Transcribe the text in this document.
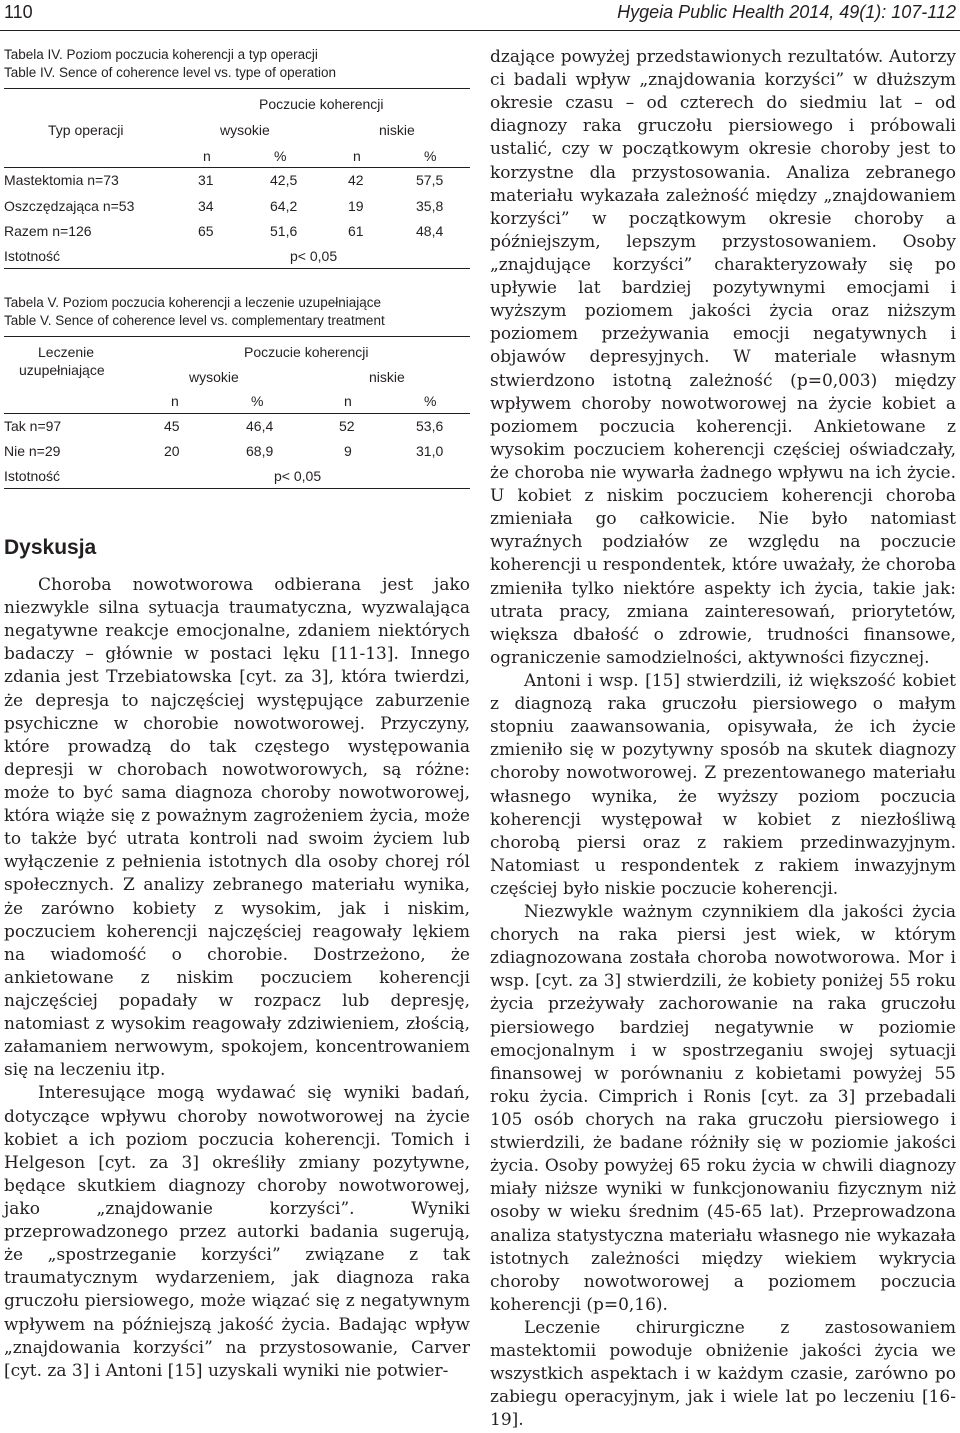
110	Hygeia Public Health 2014, 49(1): 107-112
Tabela IV. Poziom poczucia koherencji a typ operacji
Table IV. Sence of coherence level vs. type of operation
Poczucie koherencji
Typ operacji	wysokie	niskie
n	%	n	%
Mastektomia n=73	31	42,5	42	57,5
Oszczędzająca n=53	34	64,2	19	35,8
Razem n=126	65	51,6	61	48,4
Istotność	p< 0,05
Tabela V. Poziom poczucia koherencji a leczenie uzupełniające
Table V. Sence of coherence level vs. complementary treatment
Leczenie
uzupełniające
Poczucie koherencji
wysokie	niskie
n	%	n	%
Tak n=97	45	46,4	52	53,6
Nie n=29	20	68,9	9	31,0
Istotność	p< 0,05
Dyskusja

Choroba nowotworowa odbierana jest jako niezwykle silna sytuacja traumatyczna, wyzwalająca negatywne reakcje emocjonalne, zdaniem niektórych badaczy – głównie w postaci lęku [11-13]. Innego zdania jest Trzebiatowska [cyt. za 3], która twierdzi, że depresja to najczęściej występujące zaburzenie psychiczne w chorobie nowotworowej. Przyczyny, które prowadzą do tak częstego występowania depresji w chorobach nowotworowych, są różne: może to być sama diagnoza choroby nowotworowej, która wiąże się z poważnym zagrożeniem życia, może to także być utrata kontroli nad swoim życiem lub wyłączenie z pełnienia istotnych dla osoby chorej ról społecznych. Z analizy zebranego materiału wynika, że zarówno kobiety z wysokim, jak i niskim, poczuciem koherencji najczęściej reagowały lękiem na wiadomość o chorobie. Dostrzeżono, że ankietowane z niskim poczuciem koherencji najczęściej popadały w rozpacz lub depresję, natomiast z wysokim reagowały zdziwieniem, złością, załamaniem nerwowym, spokojem, koncentrowaniem się na leczeniu itp.

Interesujące mogą wydawać się wyniki badań, dotyczące wpływu choroby nowotworowej na życie kobiet a ich poziom poczucia koherencji. Tomich i Helgeson [cyt. za 3] określiły zmiany pozytywne, będące skutkiem diagnozy choroby nowotworowej, jako „znajdowanie korzyści”. Wyniki przeprowadzonego przez autorki badania sugerują, że „spostrzeganie korzyści” związane z tak traumatycznym wydarzeniem, jak diagnoza raka gruczołu piersiowego, może wiązać się z negatywnym wpływem na późniejszą jakość życia. Badając wpływ „znajdowania korzyści” na przystosowanie, Carver [cyt. za 3] i Antoni [15] uzyskali wyniki nie potwier-

dzające powyżej przedstawionych rezultatów. Autorzy ci badali wpływ „znajdowania korzyści” w dłuższym okresie czasu – od czterech do siedmiu lat – od diagnozy raka gruczołu piersiowego i próbowali ustalić, czy w początkowym okresie choroby jest to korzystne dla przystosowania. Analiza zebranego materiału wykazała zależność między „znajdowaniem korzyści” w początkowym okresie choroby a późniejszym, lepszym przystosowaniem. Osoby „znajdujące korzyści” charakteryzowały się po upływie lat bardziej pozytywnymi emocjami i wyższym poziomem jakości życia oraz niższym poziomem przeżywania emocji negatywnych i objawów depresyjnych. W materiale własnym stwierdzono istotną zależność (p=0,003) między wpływem choroby nowotworowej na życie kobiet a poziomem poczucia koherencji. Ankietowane z wysokim poczuciem koherencji częściej oświadczały, że choroba nie wywarła żadnego wpływu na ich życie. U kobiet z niskim poczuciem koherencji choroba zmieniała go całkowicie. Nie było natomiast wyraźnych podziałów ze względu na poczucie koherencji u respondentek, które uważały, że choroba zmieniła tylko niektóre aspekty ich życia, takie jak: utrata pracy, zmiana zainteresowań, priorytetów, większa dbałość o zdrowie, trudności finansowe, ograniczenie samodzielności, aktywności fizycznej.

Antoni i wsp. [15] stwierdzili, iż większość kobiet z diagnozą raka gruczołu piersiowego o małym stopniu zaawansowania, opisywała, że ich życie zmieniło się w pozytywny sposób na skutek diagnozy choroby nowotworowej. Z prezentowanego materiału własnego wynika, że wyższy poziom poczucia koherencji występował w kobiet z niezłośliwą chorobą piersi oraz z rakiem przedinwazyjnym. Natomiast u respondentek z rakiem inwazyjnym częściej było niskie poczucie koherencji.

Niezwykle ważnym czynnikiem dla jakości życia chorych na raka piersi jest wiek, w którym zdiagnozowana została choroba nowotworowa. Mor i wsp. [cyt. za 3] stwierdzili, że kobiety poniżej 55 roku życia przeżywały zachorowanie na raka gruczołu piersiowego bardziej negatywnie w poziomie emocjonalnym i w spostrzeganiu swojej sytuacji finansowej w porównaniu z kobietami powyżej 55 roku życia. Cimprich i Ronis [cyt. za 3] przebadali 105 osób chorych na raka gruczołu piersiowego i stwierdzili, że badane różniły się w poziomie jakości życia. Osoby powyżej 65 roku życia w chwili diagnozy miały niższe wyniki w funkcjonowaniu fizycznym niż osoby w wieku średnim (45-65 lat). Przeprowadzona analiza statystyczna materiału własnego nie wykazała istotnych zależności między wiekiem wykrycia choroby nowotworowej a poziomem poczucia koherencji (p=0,16).

Leczenie chirurgiczne z zastosowaniem mastektomii powoduje obniżenie jakości życia we wszystkich aspektach i w każdym czasie, zarówno po zabiegu operacyjnym, jak i wiele lat po leczeniu [16-19].
